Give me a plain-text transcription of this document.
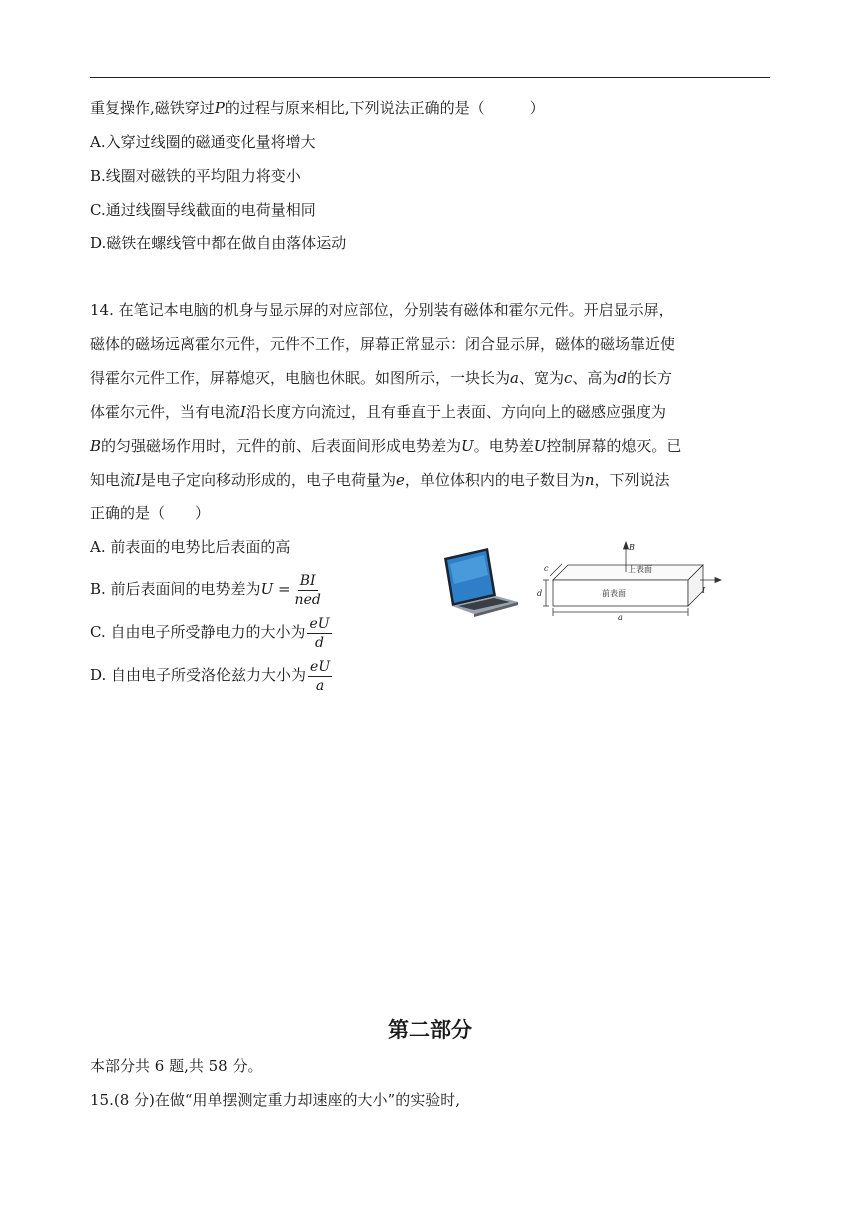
重复操作,磁铁穿过P的过程与原来相比,下列说法正确的是（　　　）
A.入穿过线圈的磁通变化量将增大
B.线圈对磁铁的平均阻力将变小
C.通过线圈导线截面的电荷量相同
D.磁铁在螺线管中都在做自由落体运动
14. 在笔记本电脑的机身与显示屏的对应部位，分别装有磁体和霍尔元件。开启显示屏，
磁体的磁场远离霍尔元件，元件不工作，屏幕正常显示：闭合显示屏，磁体的磁场靠近使
得霍尔元件工作，屏幕熄灭，电脑也休眠。如图所示，一块长为a、宽为c、高为d的长方
体霍尔元件，当有电流I沿长度方向流过，且有垂直于上表面、方向向上的磁感应强度为
B的匀强磁场作用时，元件的前、后表面间形成电势差为U。电势差U控制屏幕的熄灭。已
知电流I是电子定向移动形成的，电子电荷量为e，单位体积内的电子数目为n，下列说法
正确的是（　　）
A. 前表面的电势比后表面的高
B. 前后表面间的电势差为$U = \frac{BI}{\text{ned}}$
C. 自由电子所受静电力的大小为 $\frac{eU}{d}$
D. 自由电子所受洛伦兹力大小为 $\frac{eU}{a}$
B
上表面
前表面
c
d	I
a
第二部分
本部分共 6 题,共 58 分。
15.(8 分)在做“用单摆测定重力却速座的大小”的实验时,
